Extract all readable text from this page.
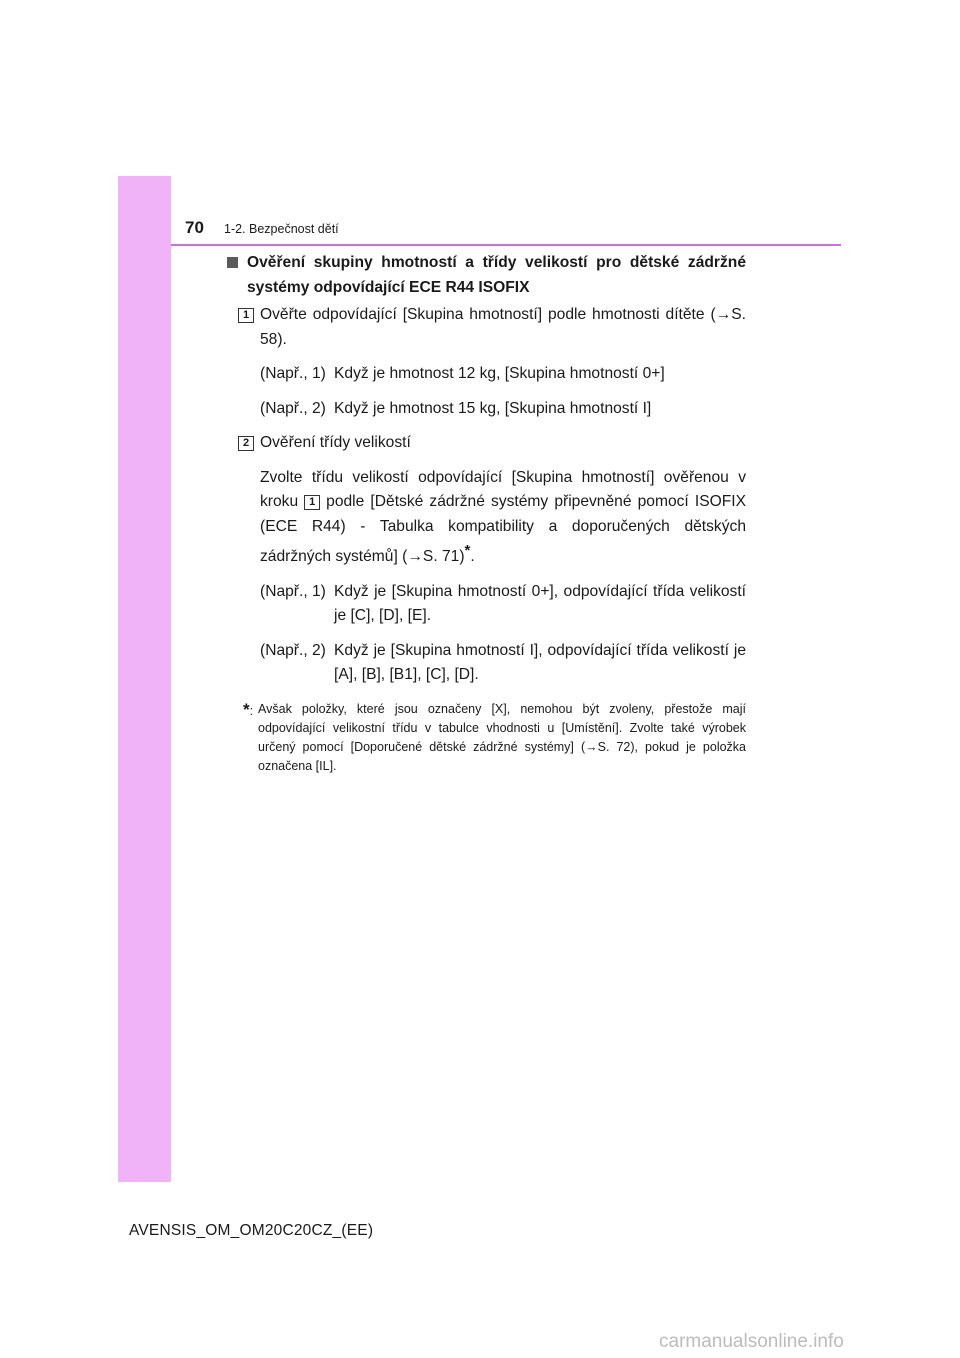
70 1-2. Bezpečnost dětí
Ověření skupiny hmotností a třídy velikostí pro dětské zádržné systémy odpovídající ECE R44 ISOFIX
1 Ověřte odpovídající [Skupina hmotností] podle hmotnosti dítěte (→S. 58).
(Např., 1) Když je hmotnost 12 kg, [Skupina hmotností 0+]
(Např., 2) Když je hmotnost 15 kg, [Skupina hmotností I]
2 Ověření třídy velikostí
Zvolte třídu velikostí odpovídající [Skupina hmotností] ověřenou v kroku 1 podle [Dětské zádržné systémy připevněné pomocí ISOFIX (ECE R44) - Tabulka kompatibility a doporučených dětských zádržných systémů] (→S. 71)*.
(Např., 1) Když je [Skupina hmotností 0+], odpovídající třída velikostí je [C], [D], [E].
(Např., 2) Když je [Skupina hmotností I], odpovídající třída velikostí je [A], [B], [B1], [C], [D].
*: Avšak položky, které jsou označeny [X], nemohou být zvoleny, přestože mají odpovídající velikostní třídu v tabulce vhodnosti u [Umístění]. Zvolte také výrobek určený pomocí [Doporučené dětské zádržné systémy] (→S. 72), pokud je položka označena [IL].
AVENSIS_OM_OM20C20CZ_(EE)
carmanualsonline.info
